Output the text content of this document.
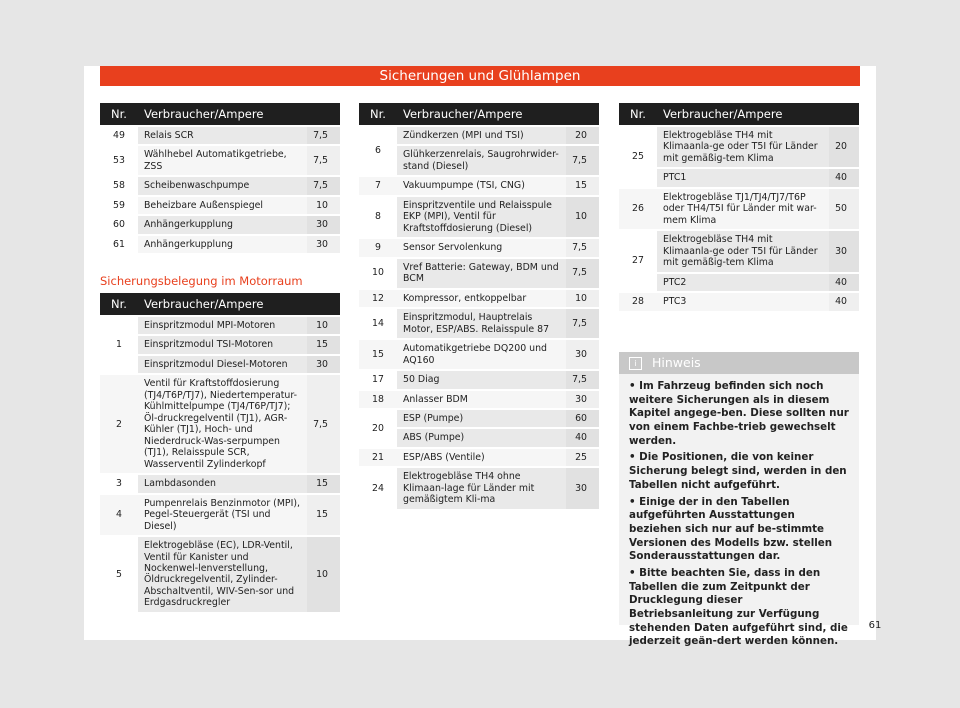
Sicherungen und Glühlampen
Nr.	Verbraucher/Ampere	
49	Relais SCR	7,5
53	Wählhebel Automatikgetriebe, ZSS	7,5
58	Scheibenwaschpumpe	7,5
59	Beheizbare Außenspiegel	10
60	Anhängerkupplung	30
61	Anhängerkupplung	30
Sicherungsbelegung im Motorraum
Nr.	Verbraucher/Ampere	
1	Einspritzmodul MPI-Motoren	10
	Einspritzmodul TSI-Motoren	15
	Einspritzmodul Diesel-Motoren	30
2	Ventil für Kraftstoffdosierung (TJ4/T6P/TJ7), Niedertemperatur-Kühlmittelpumpe (TJ4/T6P/TJ7); Öl-druckregelventil (TJ1), AGR-Kühler (TJ1), Hoch- und Niederdruck-Was-serpumpen (TJ1), Relaisspule SCR, Wasserventil Zylinderkopf	7,5
3	Lambdasonden	15
4	Pumpenrelais Benzinmotor (MPI), Pegel-Steuergerät (TSI und Diesel)	15
5	Elektrogebläse (EC), LDR-Ventil, Ventil für Kanister und Nockenwel-lenverstellung, Öldruckregelventil, Zylinder-Abschaltventil, WIV-Sen-sor und Erdgasdruckregler	10
Nr.	Verbraucher/Ampere	
6	Zündkerzen (MPI und TSI)	20
	Glühkerzenrelais, Saugrohrwider-stand (Diesel)	7,5
7	Vakuumpumpe (TSI, CNG)	15
8	Einspritzventile und Relaisspule EKP (MPI), Ventil für Kraftstoffdosierung (Diesel)	10
9	Sensor Servolenkung	7,5
10	Vref Batterie: Gateway, BDM und BCM	7,5
12	Kompressor, entkoppelbar	10
14	Einspritzmodul, Hauptrelais Motor, ESP/ABS. Relaisspule 87	7,5
15	Automatikgetriebe DQ200 und AQ160	30
17	50 Diag	7,5
18	Anlasser BDM	30
20	ESP (Pumpe)	60
	ABS (Pumpe)	40
21	ESP/ABS (Ventile)	25
24	Elektrogebläse TH4 ohne Klimaan-lage für Länder mit gemäßigtem Kli-ma	30
Nr.	Verbraucher/Ampere	
25	Elektrogebläse TH4 mit Klimaanla-ge oder T5I für Länder mit gemäßig-tem Klima	20
	PTC1	40
26	Elektrogebläse TJ1/TJ4/TJ7/T6P oder TH4/T5I für Länder mit war-mem Klima	50
27	Elektrogebläse TH4 mit Klimaanla-ge oder T5I für Länder mit gemäßig-tem Klima	30
	PTC2	40
28	PTC3	40
i Hinweis

• Im Fahrzeug befinden sich noch weitere Sicherungen als in diesem Kapitel angege-ben. Diese sollten nur von einem Fachbe-trieb gewechselt werden.

• Die Positionen, die von keiner Sicherung belegt sind, werden in den Tabellen nicht aufgeführt.

• Einige der in den Tabellen aufgeführten Ausstattungen beziehen sich nur auf be-stimmte Versionen des Modells bzw. stellen Sonderausstattungen dar.

• Bitte beachten Sie, dass in den Tabellen die zum Zeitpunkt der Drucklegung dieser Betriebsanleitung zur Verfügung stehenden Daten aufgeführt sind, die jederzeit geän-dert werden können.

61
